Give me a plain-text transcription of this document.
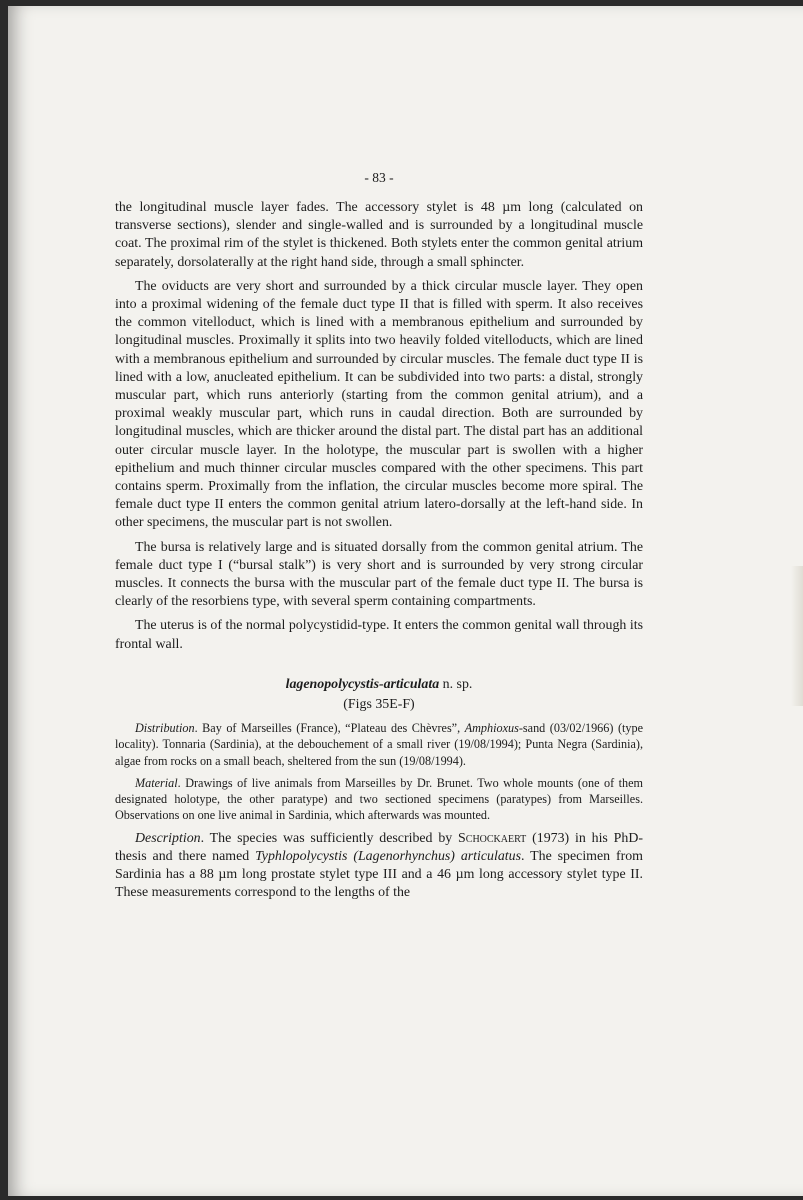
- 83 -

the longitudinal muscle layer fades. The accessory stylet is 48 µm long (calculated on transverse sections), slender and single-walled and is surrounded by a longitudinal muscle coat. The proximal rim of the stylet is thickened. Both stylets enter the common genital atrium separately, dorsolaterally at the right hand side, through a small sphincter.

The oviducts are very short and surrounded by a thick circular muscle layer. They open into a proximal widening of the female duct type II that is filled with sperm. It also receives the common vitelloduct, which is lined with a membranous epithelium and surrounded by longitudinal muscles. Proximally it splits into two heavily folded vitelloducts, which are lined with a membranous epithelium and surrounded by circular muscles. The female duct type II is lined with a low, anucleated epithelium. It can be subdivided into two parts: a distal, strongly muscular part, which runs anteriorly (starting from the common genital atrium), and a proximal weakly muscular part, which runs in caudal direction. Both are surrounded by longitudinal muscles, which are thicker around the distal part. The distal part has an additional outer circular muscle layer. In the holotype, the muscular part is swollen with a higher epithelium and much thinner circular muscles compared with the other specimens. This part contains sperm. Proximally from the inflation, the circular muscles become more spiral. The female duct type II enters the common genital atrium latero-dorsally at the left-hand side. In other specimens, the muscular part is not swollen.

The bursa is relatively large and is situated dorsally from the common genital atrium. The female duct type I (“bursal stalk”) is very short and is surrounded by very strong circular muscles. It connects the bursa with the muscular part of the female duct type II. The bursa is clearly of the resorbiens type, with several sperm containing compartments.

The uterus is of the normal polycystidid-type. It enters the common genital wall through its frontal wall.

lagenopolycystis-articulata n. sp.

(Figs 35E-F)

Distribution. Bay of Marseilles (France), “Plateau des Chèvres”, Amphioxus-sand (03/02/1966) (type locality). Tonnaria (Sardinia), at the debouchement of a small river (19/08/1994); Punta Negra (Sardinia), algae from rocks on a small beach, sheltered from the sun (19/08/1994).

Material. Drawings of live animals from Marseilles by Dr. Brunet. Two whole mounts (one of them designated holotype, the other paratype) and two sectioned specimens (paratypes) from Marseilles. Observations on one live animal in Sardinia, which afterwards was mounted.

Description. The species was sufficiently described by Schockaert (1973) in his PhD-thesis and there named Typhlopolycystis (Lagenorhynchus) articulatus. The specimen from Sardinia has a 88 µm long prostate stylet type III and a 46 µm long accessory stylet type II. These measurements correspond to the lengths of the
